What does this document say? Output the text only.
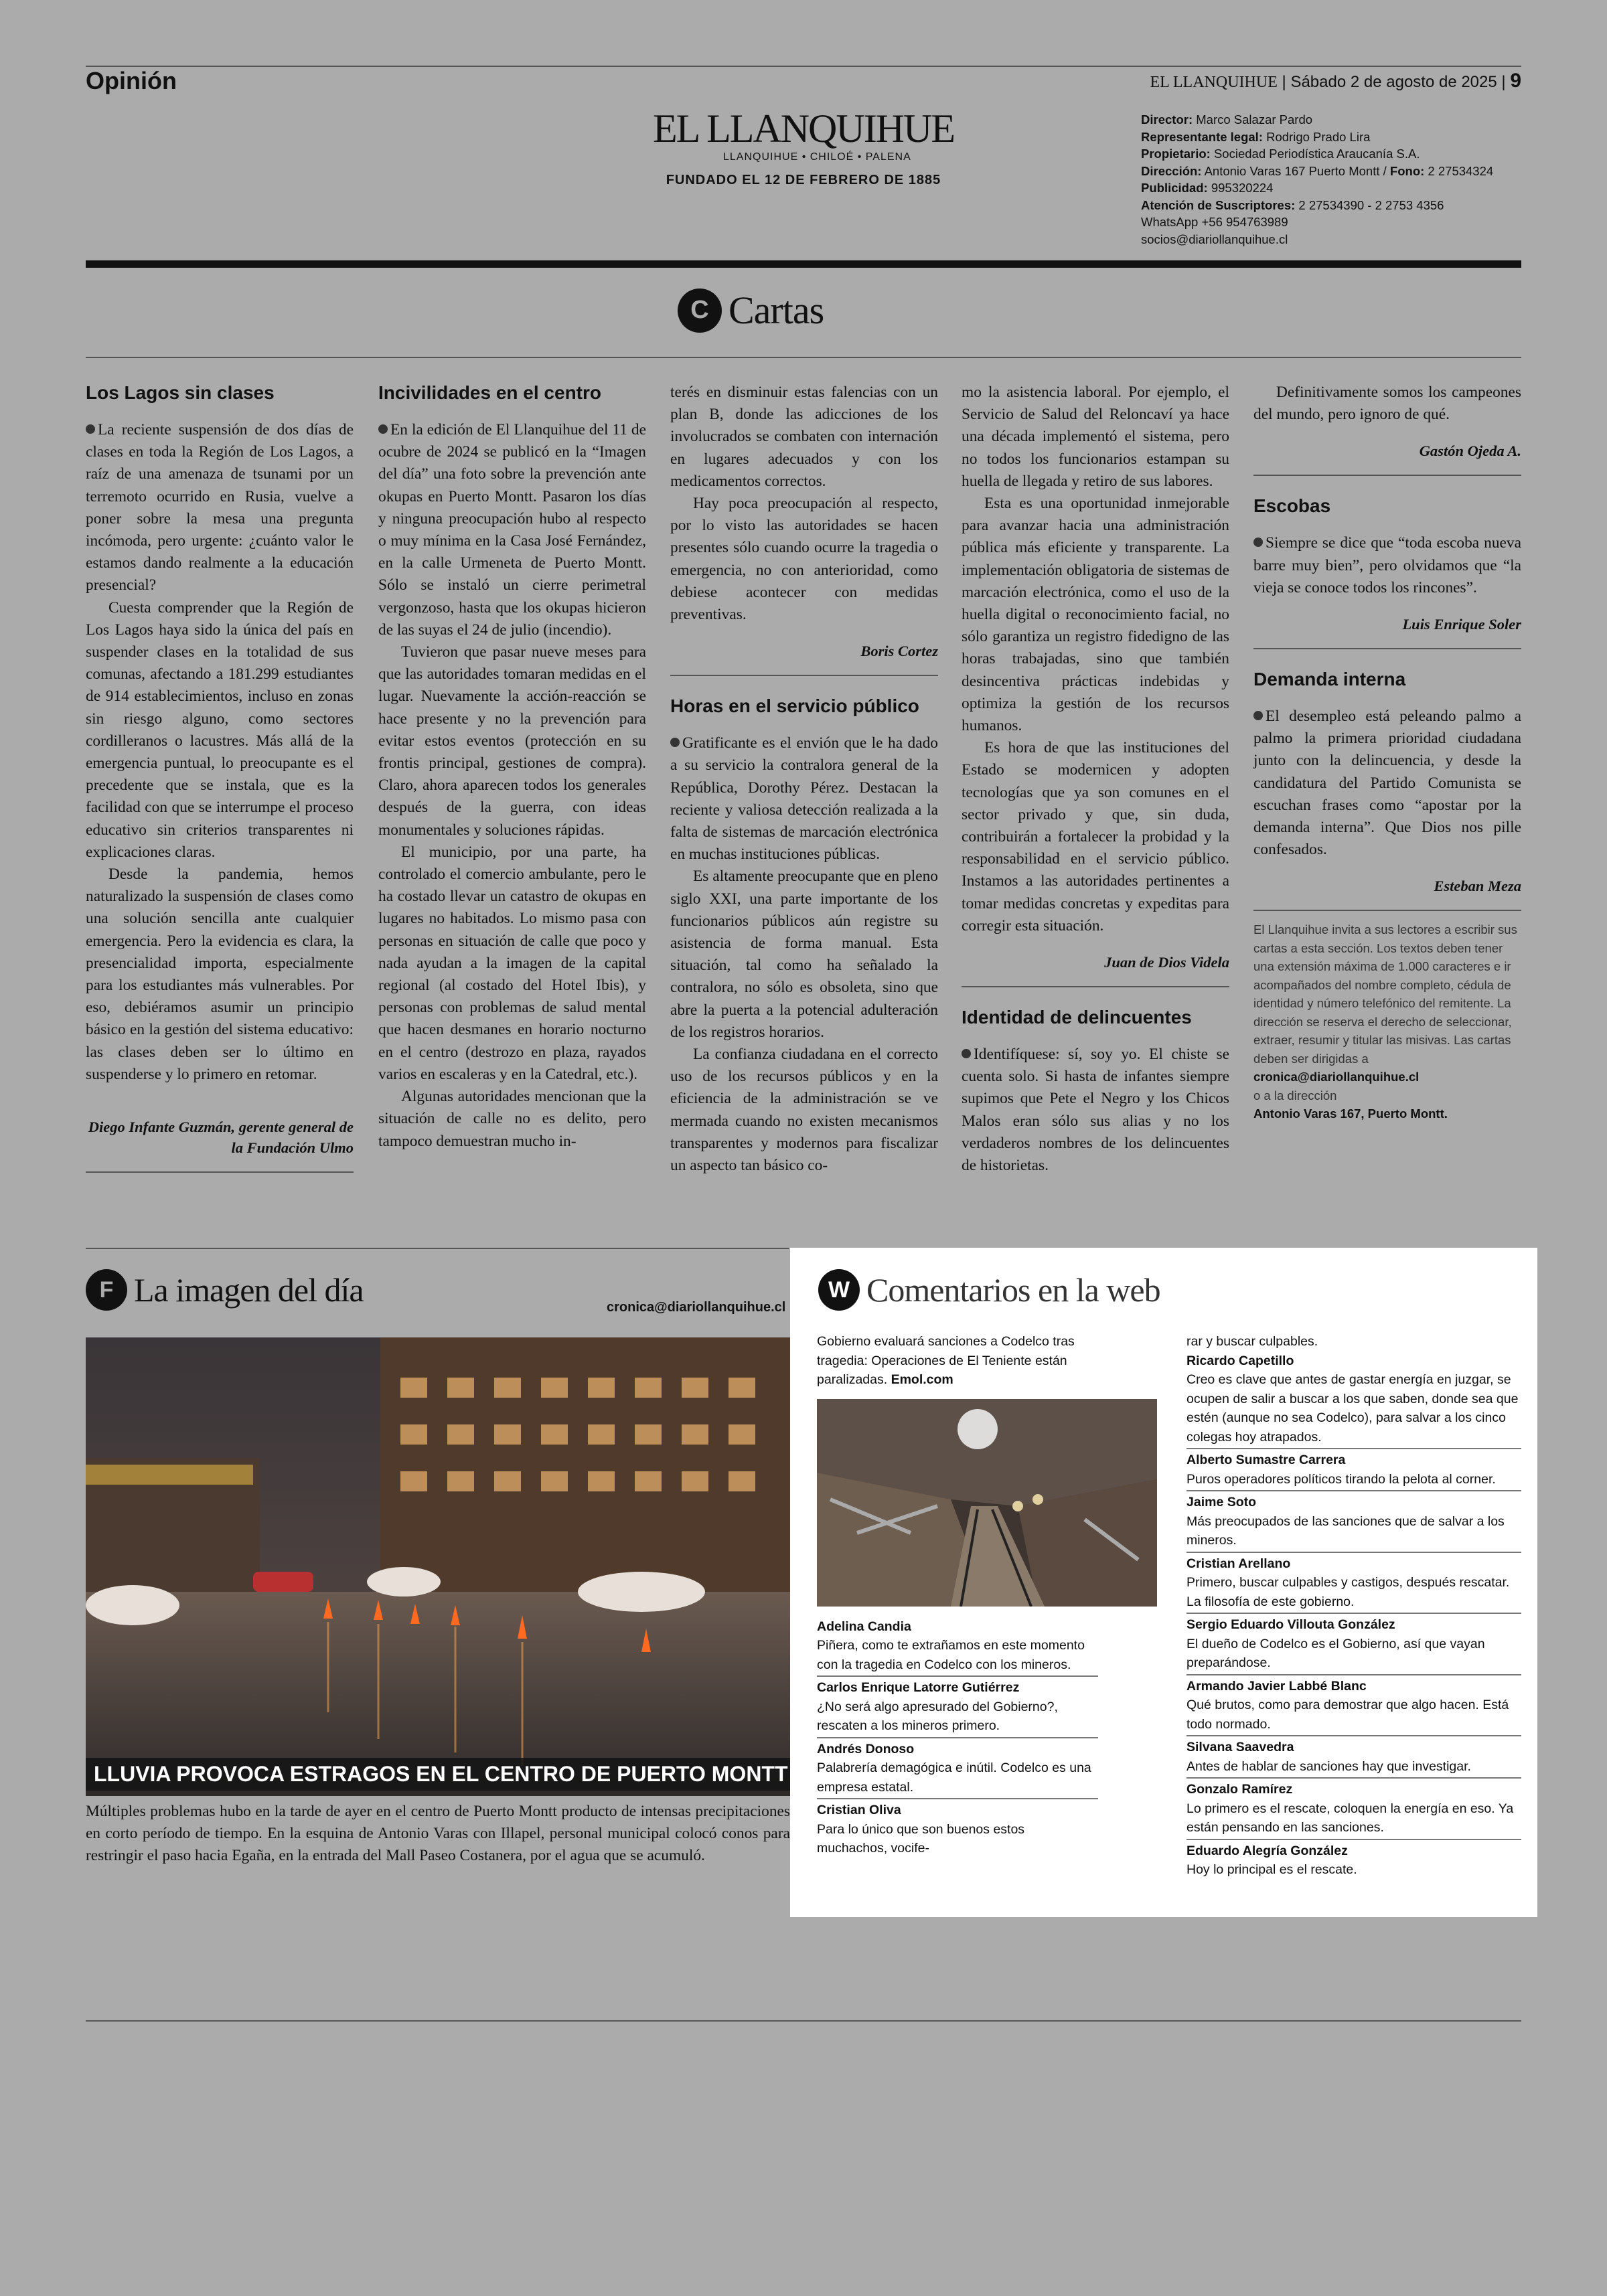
Opinión	EL LLANQUIHUE | Sábado 2 de agosto de 2025 | 9
EL LLANQUIHUE
LLANQUIHUE • CHILOÉ • PALENA
FUNDADO EL 12 DE FEBRERO DE 1885
Director: Marco Salazar Pardo
Representante legal: Rodrigo Prado Lira
Propietario: Sociedad Periodística Araucanía S.A.
Dirección: Antonio Varas 167 Puerto Montt / Fono: 2 27534324
Publicidad: 995320224
Atención de Suscriptores: 2 27534390 - 2 2753 4356
WhatsApp +56 954763989
socios@diariollanquihue.cl
C Cartas
Los Lagos sin clases

La reciente suspensión de dos días de clases en toda la Región de Los Lagos, a raíz de una amenaza de tsunami por un terremoto ocurrido en Rusia, vuelve a poner sobre la mesa una pregunta incómoda, pero urgente: ¿cuánto valor le estamos dando realmente a la educación presencial?

Cuesta comprender que la Región de Los Lagos haya sido la única del país en suspender clases en la totalidad de sus comunas, afectando a 181.299 estudiantes de 914 establecimientos, incluso en zonas sin riesgo alguno, como sectores cordilleranos o lacustres. Más allá de la emergencia puntual, lo preocupante es el precedente que se instala, que es la facilidad con que se interrumpe el proceso educativo sin criterios transparentes ni explicaciones claras.

Desde la pandemia, hemos naturalizado la suspensión de clases como una solución sencilla ante cualquier emergencia. Pero la evidencia es clara, la presencialidad importa, especialmente para los estudiantes más vulnerables. Por eso, debiéramos asumir un principio básico en la gestión del sistema educativo: las clases deben ser lo último en suspenderse y lo primero en retomar.

Diego Infante Guzmán, gerente general de la Fundación Ulmo
Incivilidades en el centro

En la edición de El Llanquihue del 11 de ocubre de 2024 se publicó en la “Imagen del día” una foto sobre la prevención ante okupas en Puerto Montt. Pasaron los días y ninguna preocupación hubo al respecto o muy mínima en la Casa José Fernández, en la calle Urmeneta de Puerto Montt. Sólo se instaló un cierre perimetral vergonzoso, hasta que los okupas hicieron de las suyas el 24 de julio (incendio).

Tuvieron que pasar nueve meses para que las autoridades tomaran medidas en el lugar. Nuevamente la acción-reacción se hace presente y no la prevención para evitar estos eventos (protección en su frontis principal, gestiones de compra). Claro, ahora aparecen todos los generales después de la guerra, con ideas monumentales y soluciones rápidas.

El municipio, por una parte, ha controlado el comercio ambulante, pero le ha costado llevar un catastro de okupas en lugares no habitados. Lo mismo pasa con personas en situación de calle que poco y nada ayudan a la imagen de la capital regional (al costado del Hotel Ibis), y personas con problemas de salud mental que hacen desmanes en horario nocturno en el centro (destrozo en plaza, rayados varios en escaleras y en la Catedral, etc.).

Algunas autoridades mencionan que la situación de calle no es delito, pero tampoco demuestran mucho in-

terés en disminuir estas falencias con un plan B, donde las adicciones de los involucrados se combaten con internación en lugares adecuados y con los medicamentos correctos.

Hay poca preocupación al respecto, por lo visto las autoridades se hacen presentes sólo cuando ocurre la tragedia o emergencia, no con anterioridad, como debiese acontecer con medidas preventivas.

Boris Cortez
Horas en el servicio público

Gratificante es el envión que le ha dado a su servicio la contralora general de la República, Dorothy Pérez. Destacan la reciente y valiosa detección realizada a la falta de sistemas de marcación electrónica en muchas instituciones públicas.

Es altamente preocupante que en pleno siglo XXI, una parte importante de los funcionarios públicos aún registre su asistencia de forma manual. Esta situación, tal como ha señalado la contralora, no sólo es obsoleta, sino que abre la puerta a la potencial adulteración de los registros horarios.

La confianza ciudadana en el correcto uso de los recursos públicos y en la eficiencia de la administración se ve mermada cuando no existen mecanismos transparentes y modernos para fiscalizar un aspecto tan básico co-

mo la asistencia laboral. Por ejemplo, el Servicio de Salud del Reloncaví ya hace una década implementó el sistema, pero no todos los funcionarios estampan su huella de llegada y retiro de sus labores.

Esta es una oportunidad inmejorable para avanzar hacia una administración pública más eficiente y transparente. La implementación obligatoria de sistemas de marcación electrónica, como el uso de la huella digital o reconocimiento facial, no sólo garantiza un registro fidedigno de las horas trabajadas, sino que también desincentiva prácticas indebidas y optimiza la gestión de los recursos humanos.

Es hora de que las instituciones del Estado se modernicen y adopten tecnologías que ya son comunes en el sector privado y que, sin duda, contribuirán a fortalecer la probidad y la responsabilidad en el servicio público. Instamos a las autoridades pertinentes a tomar medidas concretas y expeditas para corregir esta situación.

Juan de Dios Videla
Identidad de delincuentes

Identifíquese: sí, soy yo. El chiste se cuenta solo. Si hasta de infantes siempre supimos que Pete el Negro y los Chicos Malos eran sólo sus alias y no los verdaderos nombres de los delincuentes de historietas.

Definitivamente somos los campeones del mundo, pero ignoro de qué.

Gastón Ojeda A.
Escobas

Siempre se dice que “toda escoba nueva barre muy bien”, pero olvidamos que “la vieja se conoce todos los rincones”.

Luis Enrique Soler
Demanda interna

El desempleo está peleando palmo a palmo la primera prioridad ciudadana junto con la delincuencia, y desde la candidatura del Partido Comunista se escuchan frases como “apostar por la demanda interna”. Que Dios nos pille confesados.

Esteban Meza
El Llanquihue invita a sus lectores a escribir sus cartas a esta sección. Los textos deben tener una extensión máxima de 1.000 caracteres e ir acompañados del nombre completo, cédula de identidad y número telefónico del remitente. La dirección se reserva el derecho de seleccionar, extraer, resumir y titular las misivas. Las cartas deben ser dirigidas a
cronica@diariollanquihue.cl
o a la dirección
Antonio Varas 167, Puerto Montt.
F La imagen del día	cronica@diariollanquihue.cl
LLUVIA PROVOCA ESTRAGOS EN EL CENTRO DE PUERTO MONTT
Múltiples problemas hubo en la tarde de ayer en el centro de Puerto Montt producto de intensas precipitaciones en corto período de tiempo. En la esquina de Antonio Varas con Illapel, personal municipal colocó conos para restringir el paso hacia Egaña, en la entrada del Mall Paseo Costanera, por el agua que se acumuló.
W Comentarios en la web
Gobierno evaluará sanciones a Codelco tras tragedia: Operaciones de El Teniente están paralizadas. Emol.com
Adelina Candia
Piñera, como te extrañamos en este momento con la tragedia en Codelco con los mineros.
Carlos Enrique Latorre Gutiérrez
¿No será algo apresurado del Gobierno?, rescaten a los mineros primero.
Andrés Donoso
Palabrería demagógica e inútil. Codelco es una empresa estatal.
Cristian Oliva
Para lo único que son buenos estos muchachos, vocife-
rar y buscar culpables.
Ricardo Capetillo
Creo es clave que antes de gastar energía en juzgar, se ocupen de salir a buscar a los que saben, donde sea que estén (aunque no sea Codelco), para salvar a los cinco colegas hoy atrapados.
Alberto Sumastre Carrera
Puros operadores políticos tirando la pelota al corner.
Jaime Soto
Más preocupados de las sanciones que de salvar a los mineros.
Cristian Arellano
Primero, buscar culpables y castigos, después rescatar. La filosofía de este gobierno.
Sergio Eduardo Villouta González
El dueño de Codelco es el Gobierno, así que vayan preparándose.
Armando Javier Labbé Blanc
Qué brutos, como para demostrar que algo hacen. Está todo normado.
Silvana Saavedra
Antes de hablar de sanciones hay que investigar.
Gonzalo Ramírez
Lo primero es el rescate, coloquen la energía en eso. Ya están pensando en las sanciones.
Eduardo Alegría González
Hoy lo principal es el rescate.
